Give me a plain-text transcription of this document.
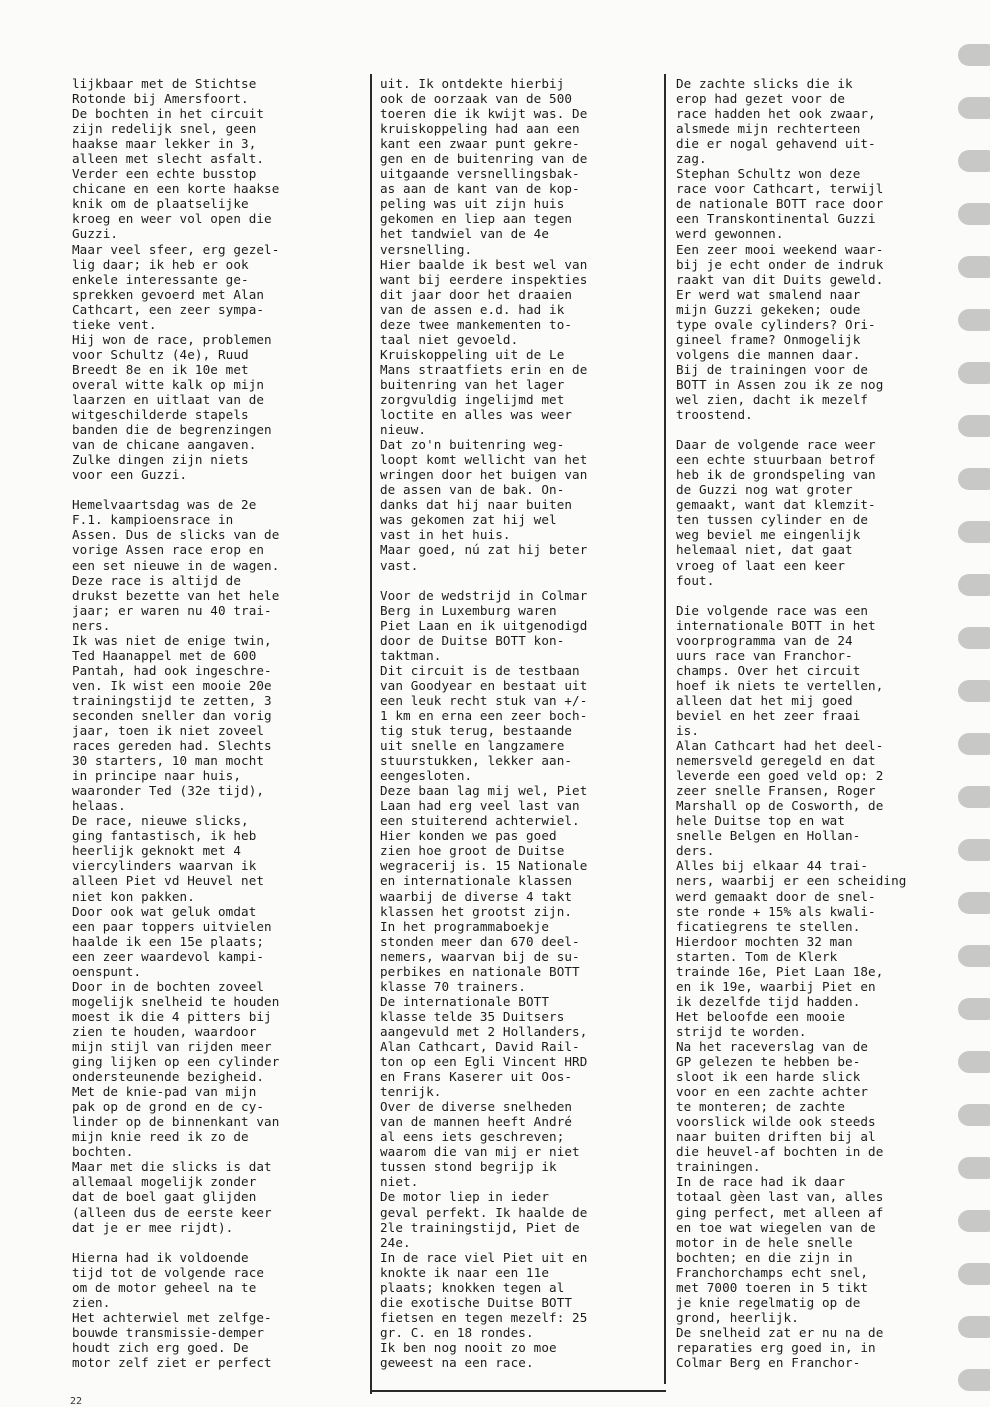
lijkbaar met de Stichtse
Rotonde bij Amersfoort.
De bochten in het circuit
zijn redelijk snel, geen
haakse maar lekker in 3,
alleen met slecht asfalt.
Verder een echte busstop
chicane en een korte haakse
knik om de plaatselijke
kroeg en weer vol open die
Guzzi.
Maar veel sfeer, erg gezel-
lig daar; ik heb er ook
enkele interessante ge-
sprekken gevoerd met Alan
Cathcart, een zeer sympa-
tieke vent.
Hij won de race, problemen
voor Schultz (4e), Ruud
Breedt 8e en ik 10e met
overal witte kalk op mijn
laarzen en uitlaat van de
witgeschilderde stapels
banden die de begrenzingen
van de chicane aangaven.
Zulke dingen zijn niets
voor een Guzzi.
Hemelvaartsdag was de 2e
F.1. kampioensrace in
Assen. Dus de slicks van de
vorige Assen race erop en
een set nieuwe in de wagen.
Deze race is altijd de
drukst bezette van het hele
jaar; er waren nu 40 trai-
ners.
Ik was niet de enige twin,
Ted Haanappel met de 600
Pantah, had ook ingeschre-
ven. Ik wist een mooie 20e
trainingstijd te zetten, 3
seconden sneller dan vorig
jaar, toen ik niet zoveel
races gereden had. Slechts
30 starters, 10 man mocht
in principe naar huis,
waaronder Ted (32e tijd),
helaas.
De race, nieuwe slicks,
ging fantastisch, ik heb
heerlijk geknokt met 4
viercylinders waarvan ik
alleen Piet vd Heuvel net
niet kon pakken.
Door ook wat geluk omdat
een paar toppers uitvielen
haalde ik een 15e plaats;
een zeer waardevol kampi-
oenspunt.
Door in de bochten zoveel
mogelijk snelheid te houden
moest ik die 4 pitters bij
zien te houden, waardoor
mijn stijl van rijden meer
ging lijken op een cylinder
ondersteunende bezigheid.
Met de knie-pad van mijn
pak op de grond en de cy-
linder op de binnenkant van
mijn knie reed ik zo de
bochten.
Maar met die slicks is dat
allemaal mogelijk zonder
dat de boel gaat glijden
(alleen dus de eerste keer
dat je er mee rijdt).
Hierna had ik voldoende
tijd tot de volgende race
om de motor geheel na te
zien.
Het achterwiel met zelfge-
bouwde transmissie-demper
houdt zich erg goed. De
motor zelf ziet er perfect
uit. Ik ontdekte hierbij
ook de oorzaak van de 500
toeren die ik kwijt was. De
kruiskoppeling had aan een
kant een zwaar punt gekre-
gen en de buitenring van de
uitgaande versnellingsbak-
as aan de kant van de kop-
peling was uit zijn huis
gekomen en liep aan tegen
het tandwiel van de 4e
versnelling.
Hier baalde ik best wel van
want bij eerdere inspekties
dit jaar door het draaien
van de assen e.d. had ik
deze twee mankementen to-
taal niet gevoeld.
Kruiskoppeling uit de Le
Mans straatfiets erin en de
buitenring van het lager
zorgvuldig ingelijmd met
loctite en alles was weer
nieuw.
Dat zo'n buitenring weg-
loopt komt wellicht van het
wringen door het buigen van
de assen van de bak. On-
danks dat hij naar buiten
was gekomen zat hij wel
vast in het huis.
Maar goed, nú zat hij beter
vast.
Voor de wedstrijd in Colmar
Berg in Luxemburg waren
Piet Laan en ik uitgenodigd
door de Duitse BOTT kon-
taktman.
Dit circuit is de testbaan
van Goodyear en bestaat uit
een leuk recht stuk van +/-
1 km en erna een zeer boch-
tig stuk terug, bestaande
uit snelle en langzamere
stuurstukken, lekker aan-
eengesloten.
Deze baan lag mij wel, Piet
Laan had erg veel last van
een stuiterend achterwiel.
Hier konden we pas goed
zien hoe groot de Duitse
wegracerij is. 15 Nationale
en internationale klassen
waarbij de diverse 4 takt
klassen het grootst zijn.
In het programmaboekje
stonden meer dan 670 deel-
nemers, waarvan bij de su-
perbikes en nationale BOTT
klasse 70 trainers.
De internationale BOTT
klasse telde 35 Duitsers
aangevuld met 2 Hollanders,
Alan Cathcart, David Rail-
ton op een Egli Vincent HRD
en Frans Kaserer uit Oos-
tenrijk.
Over de diverse snelheden
van de mannen heeft André
al eens iets geschreven;
waarom die van mij er niet
tussen stond begrijp ik
niet.
De motor liep in ieder
geval perfekt. Ik haalde de
2le trainingstijd, Piet de
24e.
In de race viel Piet uit en
knokte ik naar een 11e
plaats; knokken tegen al
die exotische Duitse BOTT
fietsen en tegen mezelf: 25
gr. C. en 18 rondes.
Ik ben nog nooit zo moe
geweest na een race.
De zachte slicks die ik
erop had gezet voor de
race hadden het ook zwaar,
alsmede mijn rechterteen
die er nogal gehavend uit-
zag.
Stephan Schultz won deze
race voor Cathcart, terwijl
de nationale BOTT race door
een Transkontinental Guzzi
werd gewonnen.
Een zeer mooi weekend waar-
bij je echt onder de indruk
raakt van dit Duits geweld.
Er werd wat smalend naar
mijn Guzzi gekeken; oude
type ovale cylinders? Ori-
gineel frame? Onmogelijk
volgens die mannen daar.
Bij de trainingen voor de
BOTT in Assen zou ik ze nog
wel zien, dacht ik mezelf
troostend.
Daar de volgende race weer
een echte stuurbaan betrof
heb ik de grondspeling van
de Guzzi nog wat groter
gemaakt, want dat klemzit-
ten tussen cylinder en de
weg beviel me eingenlijk
helemaal niet, dat gaat
vroeg of laat een keer
fout.
Die volgende race was een
internationale BOTT in het
voorprogramma van de 24
uurs race van Franchor-
champs. Over het circuit
hoef ik niets te vertellen,
alleen dat het mij goed
beviel en het zeer fraai
is.
Alan Cathcart had het deel-
nemersveld geregeld en dat
leverde een goed veld op: 2
zeer snelle Fransen, Roger
Marshall op de Cosworth, de
hele Duitse top en wat
snelle Belgen en Hollan-
ders.
Alles bij elkaar 44 trai-
ners, waarbij er een scheiding
werd gemaakt door de snel-
ste ronde + 15% als kwali-
ficatiegrens te stellen.
Hierdoor mochten 32 man
starten. Tom de Klerk
trainde 16e, Piet Laan 18e,
en ik 19e, waarbij Piet en
ik dezelfde tijd hadden.
Het beloofde een mooie
strijd te worden.
Na het raceverslag van de
GP gelezen te hebben be-
sloot ik een harde slick
voor en een zachte achter
te monteren; de zachte
voorslick wilde ook steeds
naar buiten driften bij al
die heuvel-af bochten in de
trainingen.
In de race had ik daar
totaal gèen last van, alles
ging perfect, met alleen af
en toe wat wiegelen van de
motor in de hele snelle
bochten; en die zijn in
Franchorchamps echt snel,
met 7000 toeren in 5 tikt
je knie regelmatig op de
grond, heerlijk.
De snelheid zat er nu na de
reparaties erg goed in, in
Colmar Berg en Franchor-
22
